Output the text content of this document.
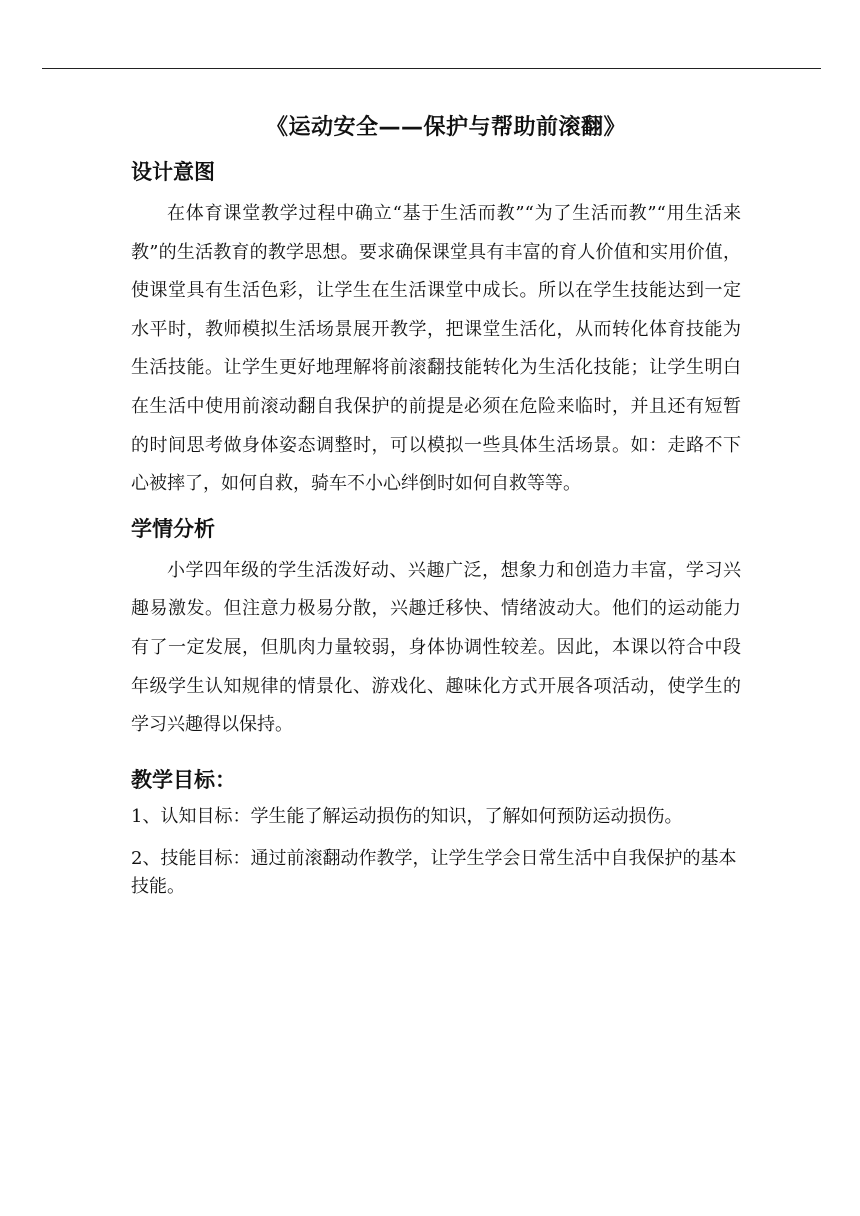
《运动安全——保护与帮助前滚翻》
设计意图

在体育课堂教学过程中确立“基于生活而教”“为了生活而教”“用生活来教”的生活教育的教学思想。要求确保课堂具有丰富的育人价值和实用价值，使课堂具有生活色彩，让学生在生活课堂中成长。所以在学生技能达到一定水平时，教师模拟生活场景展开教学，把课堂生活化，从而转化体育技能为生活技能。让学生更好地理解将前滚翻技能转化为生活化技能；让学生明白在生活中使用前滚动翻自我保护的前提是必须在危险来临时，并且还有短暂的时间思考做身体姿态调整时，可以模拟一些具体生活场景。如：走路不下心被摔了，如何自救，骑车不小心绊倒时如何自救等等。

学情分析

小学四年级的学生活泼好动、兴趣广泛，想象力和创造力丰富，学习兴趣易激发。但注意力极易分散，兴趣迁移快、情绪波动大。他们的运动能力有了一定发展，但肌肉力量较弱，身体协调性较差。因此，本课以符合中段年级学生认知规律的情景化、游戏化、趣味化方式开展各项活动，使学生的学习兴趣得以保持。

教学目标：

1、认知目标：学生能了解运动损伤的知识，了解如何预防运动损伤。

2、技能目标：通过前滚翻动作教学，让学生学会日常生活中自我保护的基本技能。
